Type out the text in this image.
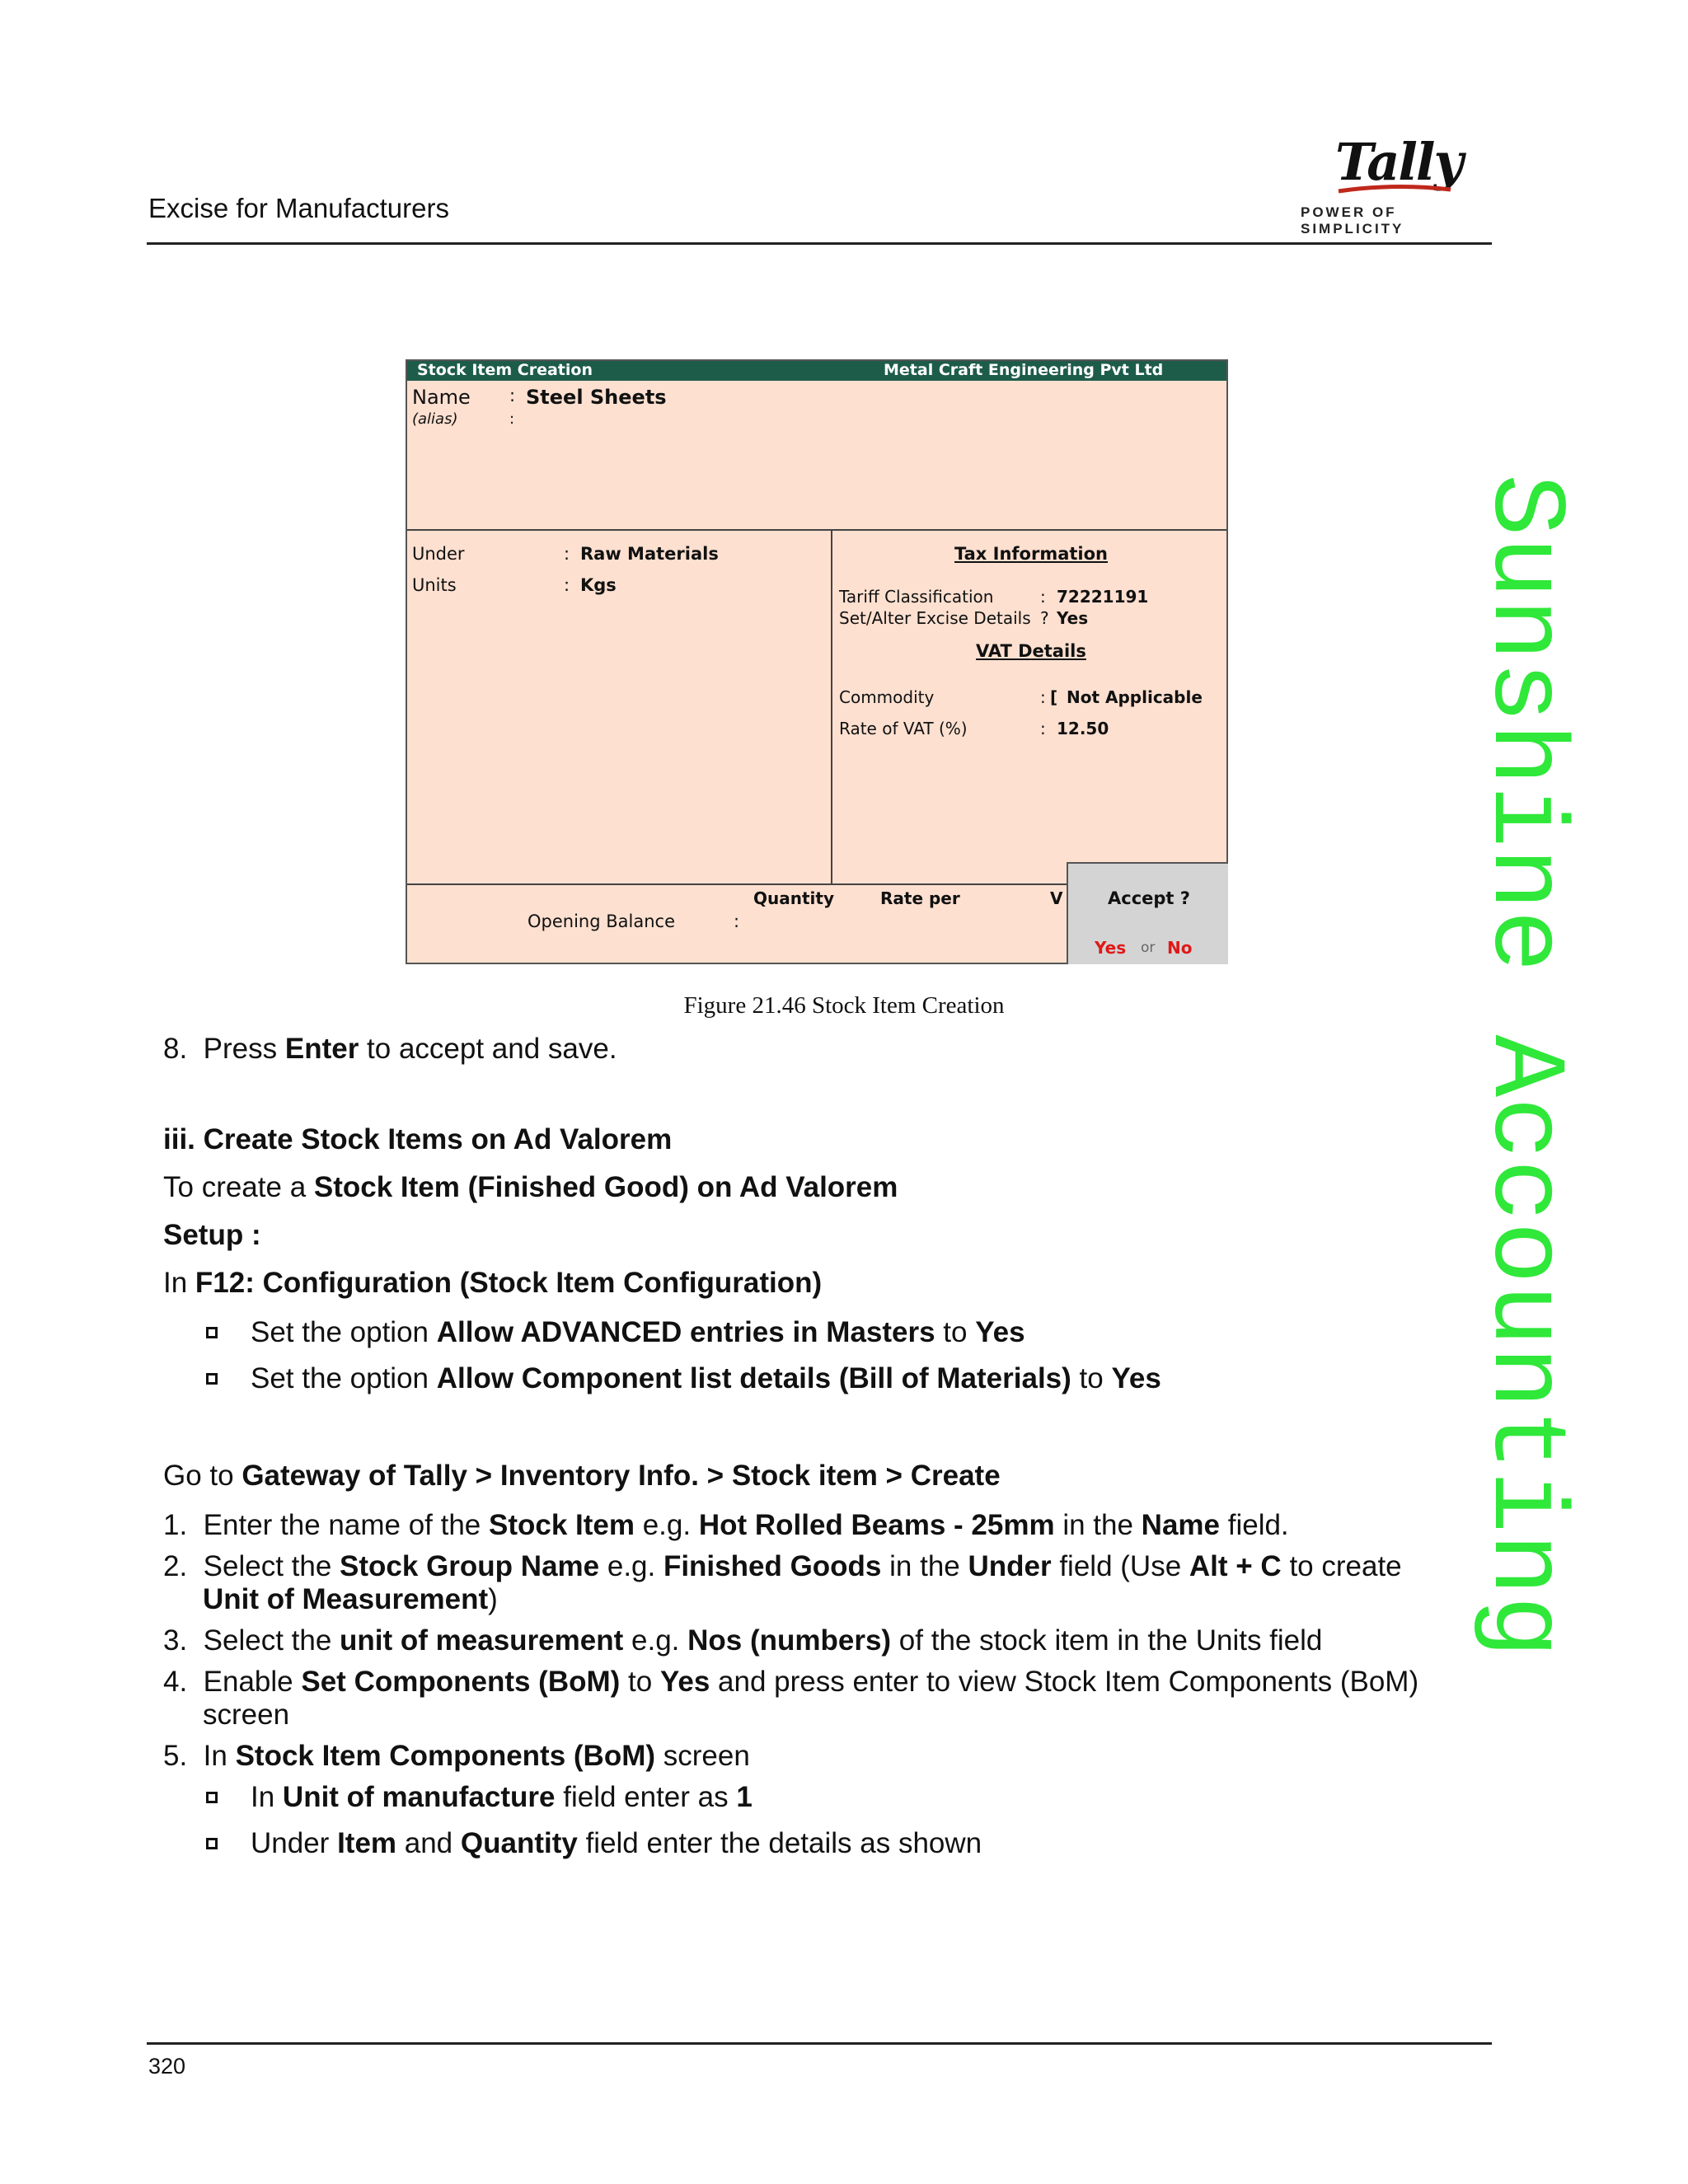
Excise for Manufacturers
Tally
POWER OF SIMPLICITY
Sunshine Accounting
Stock Item Creation	Metal Craft Engineering Pvt Ltd
Name : Steel Sheets
(alias)	:
Under	: Raw Materials
Units	: Kgs
Tax Information
Tariff Classification	: 72221191
Set/Alter Excise Details ? Yes
VAT Details
Commodity	: [ Not Applicable
Rate of VAT (%)	: 12.50
Quantity	Rate per	V
Opening Balance	:
Accept ?
Yes or No
Figure 21.46 Stock Item Creation
8. Press Enter to accept and save.
iii. Create Stock Items on Ad Valorem
To create a Stock Item (Finished Good) on Ad Valorem
Setup :
In F12: Configuration (Stock Item Configuration)
Set the option Allow ADVANCED entries in Masters to Yes
Set the option Allow Component list details (Bill of Materials) to Yes
Go to Gateway of Tally > Inventory Info. > Stock item > Create
1. Enter the name of the Stock Item e.g. Hot Rolled Beams - 25mm in the Name field.
2. Select the Stock Group Name e.g. Finished Goods in the Under field (Use Alt + C to create
Unit of Measurement)
3. Select the unit of measurement e.g. Nos (numbers) of the stock item in the Units field
4. Enable Set Components (BoM) to Yes and press enter to view Stock Item Components (BoM)
screen
5. In Stock Item Components (BoM) screen
In Unit of manufacture field enter as 1
Under Item and Quantity field enter the details as shown
320
